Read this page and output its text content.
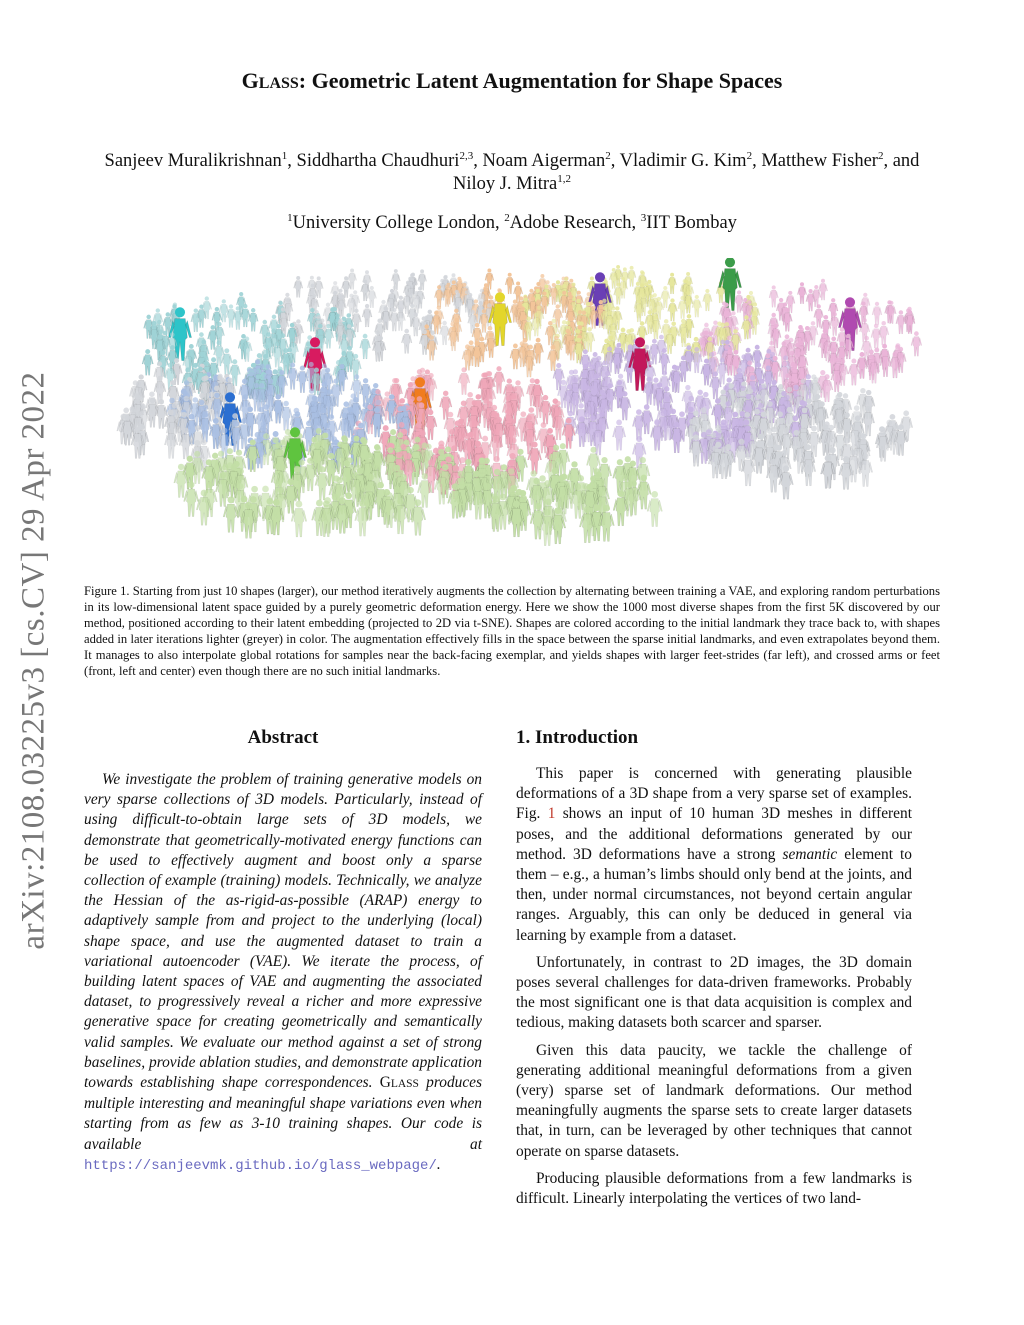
arXiv:2108.03225v3 [cs.CV] 29 Apr 2022
GLASS: Geometric Latent Augmentation for Shape Spaces
Sanjeev Muralikrishnan$^1$, Siddhartha Chaudhuri$^{2,3}$, Noam Aigerman$^2$, Vladimir G. Kim$^2$, Matthew Fisher$^2$, and Niloy J. Mitra$^{1,2}$
$^1$University College London, $^2$Adobe Research, $^3$IIT Bombay
Figure 1. Starting from just 10 shapes (larger), our method iteratively augments the collection by alternating between training a VAE, and exploring random perturbations in its low-dimensional latent space guided by a purely geometric deformation energy. Here we show the 1000 most diverse shapes from the first 5K discovered by our method, positioned according to their latent embedding (projected to 2D via t-SNE). Shapes are colored according to the initial landmark they trace back to, with shapes added in later iterations lighter (greyer) in color. The augmentation effectively fills in the space between the sparse initial landmarks, and even extrapolates beyond them. It manages to also interpolate global rotations for samples near the back-facing exemplar, and yields shapes with larger feet-strides (far left), and crossed arms or feet (front, left and center) even though there are no such initial landmarks.
Abstract

We investigate the problem of training generative models on very sparse collections of 3D models. Particularly, instead of using difficult-to-obtain large sets of 3D models, we demonstrate that geometrically-motivated energy functions can be used to effectively augment and boost only a sparse collection of example (training) models. Technically, we analyze the Hessian of the as-rigid-as-possible (ARAP) energy to adaptively sample from and project to the underlying (local) shape space, and use the augmented dataset to train a variational autoencoder (VAE). We iterate the process, of building latent spaces of VAE and augmenting the associated dataset, to progressively reveal a richer and more expressive generative space for creating geometrically and semantically valid samples. We evaluate our method against a set of strong baselines, provide ablation studies, and demonstrate application towards establishing shape correspondences. GLASS produces multiple interesting and meaningful shape variations even when starting from as few as 3-10 training shapes. Our code is available at https://sanjeevmk.github.io/glass_webpage/.

1. Introduction

This paper is concerned with generating plausible deformations of a 3D shape from a very sparse set of examples. Fig. 1 shows an input of 10 human 3D meshes in different poses, and the additional deformations generated by our method. 3D deformations have a strong semantic element to them – e.g., a human’s limbs should only bend at the joints, and then, under normal circumstances, not beyond certain angular ranges. Arguably, this can only be deduced in general via learning by example from a dataset.

Unfortunately, in contrast to 2D images, the 3D domain poses several challenges for data-driven frameworks. Probably the most significant one is that data acquisition is complex and tedious, making datasets both scarcer and sparser.

Given this data paucity, we tackle the challenge of generating additional meaningful deformations from a given (very) sparse set of landmark deformations. Our method meaningfully augments the sparse sets to create larger datasets that, in turn, can be leveraged by other techniques that cannot operate on sparse datasets.

Producing plausible deformations from a few landmarks is difficult. Linearly interpolating the vertices of two land-
